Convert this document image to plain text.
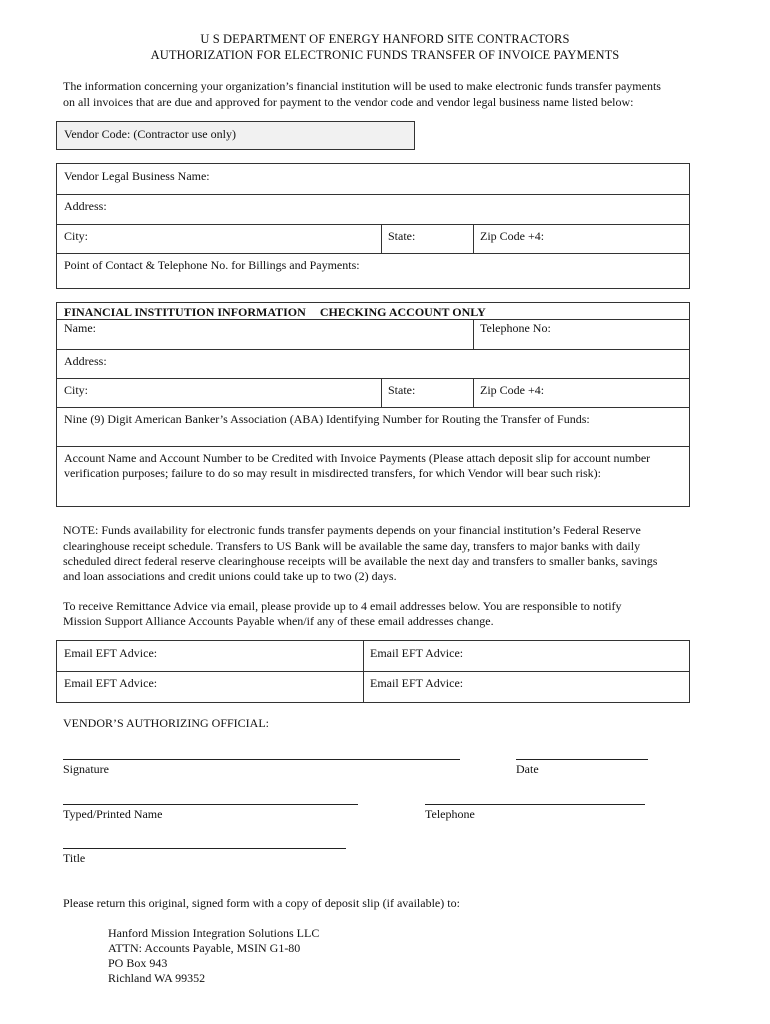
U S DEPARTMENT OF ENERGY HANFORD SITE CONTRACTORS
AUTHORIZATION FOR ELECTRONIC FUNDS TRANSFER OF INVOICE PAYMENTS
The information concerning your organization’s financial institution will be used to make electronic funds transfer payments
on all invoices that are due and approved for payment to the vendor code and vendor legal business name listed below:
Vendor Code: (Contractor use only)
Vendor Legal Business Name:
Address:
City:	State:	Zip Code +4:
Point of Contact & Telephone No. for Billings and Payments:
FINANCIAL INSTITUTION INFORMATION CHECKING ACCOUNT ONLY
Name:	Telephone No:
Address:
City:	State:	Zip Code +4:
Nine (9) Digit American Banker’s Association (ABA) Identifying Number for Routing the Transfer of Funds:
Account Name and Account Number to be Credited with Invoice Payments (Please attach deposit slip for account number
verification purposes; failure to do so may result in misdirected transfers, for which Vendor will bear such risk):
NOTE: Funds availability for electronic funds transfer payments depends on your financial institution’s Federal Reserve
clearinghouse receipt schedule. Transfers to US Bank will be available the same day, transfers to major banks with daily
scheduled direct federal reserve clearinghouse receipts will be available the next day and transfers to smaller banks, savings
and loan associations and credit unions could take up to two (2) days.
To receive Remittance Advice via email, please provide up to 4 email addresses below. You are responsible to notify
Mission Support Alliance Accounts Payable when/if any of these email addresses change.
Email EFT Advice:	Email EFT Advice:
Email EFT Advice:	Email EFT Advice:
VENDOR’S AUTHORIZING OFFICIAL:
Signature	Date
Typed/Printed Name	Telephone
Title
Please return this original, signed form with a copy of deposit slip (if available) to:
Hanford Mission Integration Solutions LLC
ATTN: Accounts Payable, MSIN G1-80
PO Box 943
Richland WA 99352
